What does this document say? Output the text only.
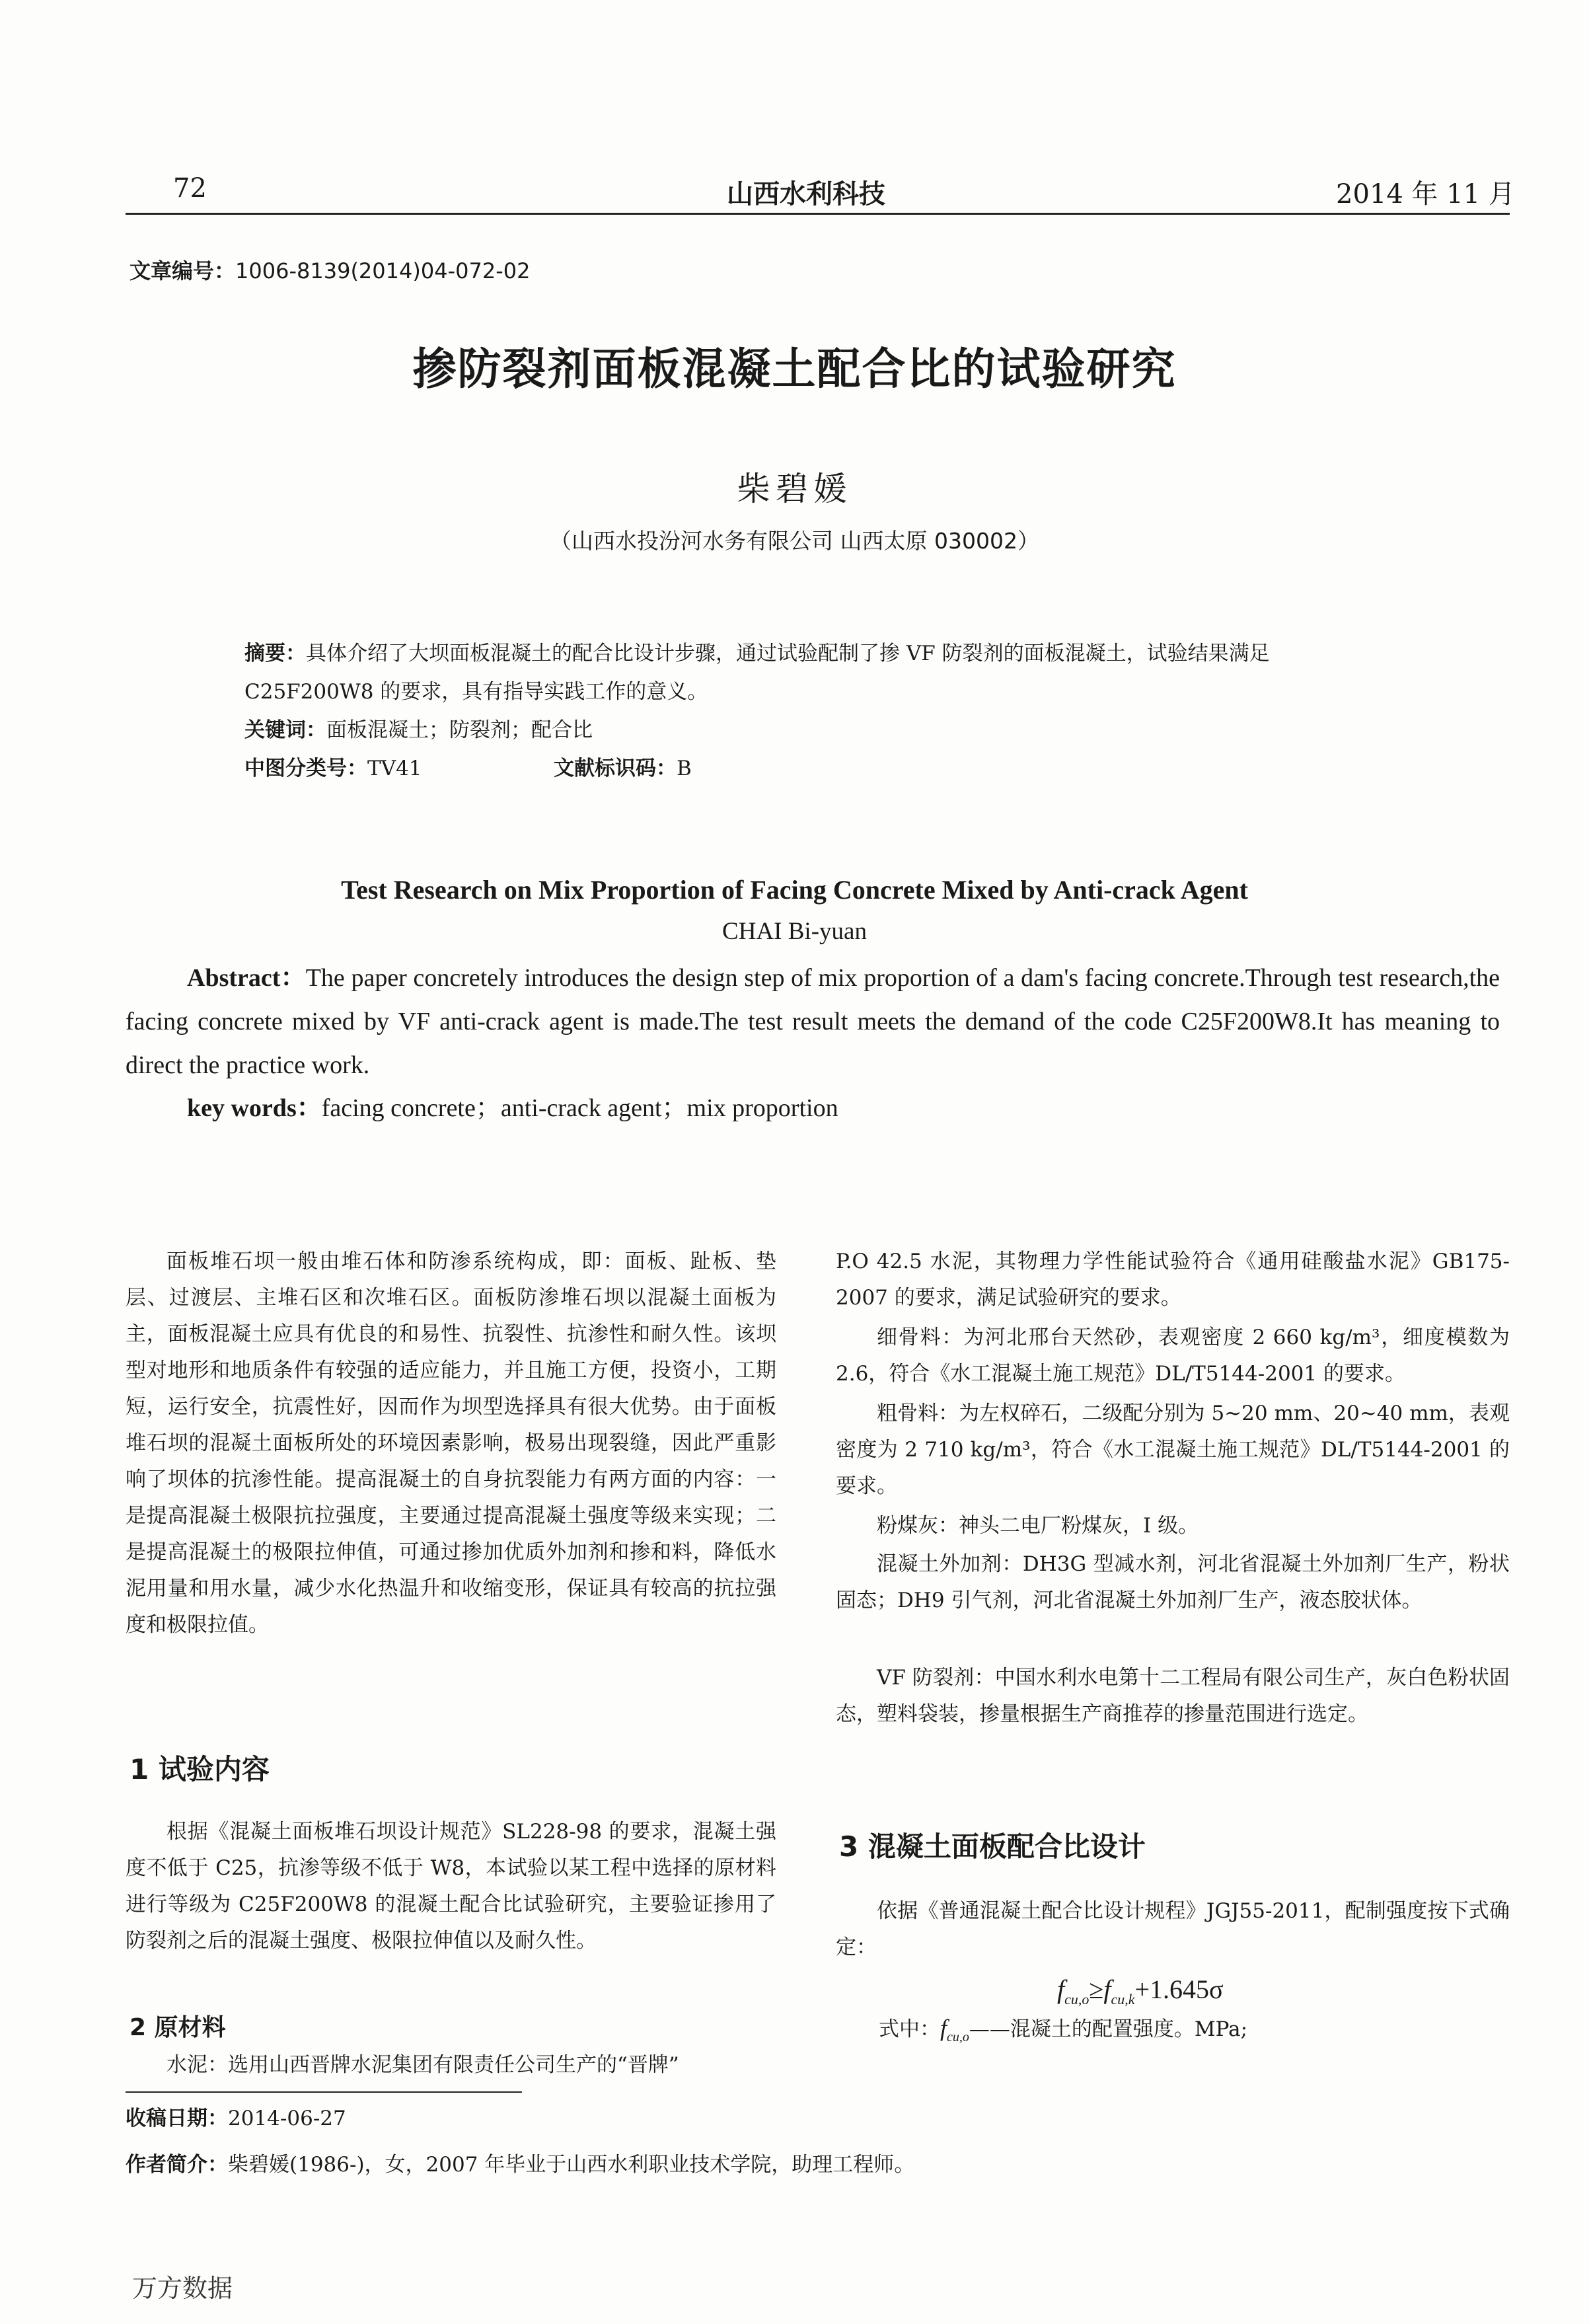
72	山西水利科技	2014 年 11 月
文章编号：1006-8139(2014)04-072-02
掺防裂剂面板混凝土配合比的试验研究
柴碧媛
（山西水投汾河水务有限公司 山西太原 030002）
摘要：具体介绍了大坝面板混凝土的配合比设计步骤，通过试验配制了掺 VF 防裂剂的面板混凝土，试验结果满足
C25F200W8 的要求，具有指导实践工作的意义。
关键词：面板混凝土；防裂剂；配合比
中图分类号：TV41	文献标识码：B
Test Research on Mix Proportion of Facing Concrete Mixed by Anti-crack Agent
CHAI Bi-yuan
Abstract：The paper concretely introduces the design step of mix proportion of a dam's facing concrete.Through test research,the facing concrete mixed by VF anti-crack agent is made.The test result meets the demand of the code C25F200W8.It has meaning to direct the practice work.
key words：facing concrete；anti-crack agent；mix proportion

面板堆石坝一般由堆石体和防渗系统构成，即：面板、趾板、垫层、过渡层、主堆石区和次堆石区。面板防渗堆石坝以混凝土面板为主，面板混凝土应具有优良的和易性、抗裂性、抗渗性和耐久性。该坝型对地形和地质条件有较强的适应能力，并且施工方便，投资小，工期短，运行安全，抗震性好，因而作为坝型选择具有很大优势。由于面板堆石坝的混凝土面板所处的环境因素影响，极易出现裂缝，因此严重影响了坝体的抗渗性能。提高混凝土的自身抗裂能力有两方面的内容：一是提高混凝土极限抗拉强度，主要通过提高混凝土强度等级来实现；二是提高混凝土的极限拉伸值，可通过掺加优质外加剂和掺和料，降低水泥用量和用水量，减少水化热温升和收缩变形，保证具有较高的抗拉强度和极限拉值。

1 试验内容

根据《混凝土面板堆石坝设计规范》SL228-98 的要求，混凝土强度不低于 C25，抗渗等级不低于 W8，本试验以某工程中选择的原材料进行等级为 C25F200W8 的混凝土配合比试验研究，主要验证掺用了防裂剂之后的混凝土强度、极限拉伸值以及耐久性。

2 原材料

水泥：选用山西晋牌水泥集团有限责任公司生产的“晋牌”

P.O 42.5 水泥，其物理力学性能试验符合《通用硅酸盐水泥》GB175-2007 的要求，满足试验研究的要求。

细骨料：为河北邢台天然砂，表观密度 2 660 kg/m³，细度模数为 2.6，符合《水工混凝土施工规范》DL/T5144-2001 的要求。

粗骨料：为左权碎石，二级配分别为 5~20 mm、20~40 mm，表观密度为 2 710 kg/m³，符合《水工混凝土施工规范》DL/T5144-2001 的要求。

粉煤灰：神头二电厂粉煤灰，I 级。

混凝土外加剂：DH3G 型减水剂，河北省混凝土外加剂厂生产，粉状固态；DH9 引气剂，河北省混凝土外加剂厂生产，液态胶状体。

VF 防裂剂：中国水利水电第十二工程局有限公司生产，灰白色粉状固态，塑料袋装，掺量根据生产商推荐的掺量范围进行选定。

3 混凝土面板配合比设计

依据《普通混凝土配合比设计规程》JGJ55-2011，配制强度按下式确定：

$f_{cu,o}\ge f_{cu,k}+1.645\sigma$
式中：$f_{cu,o}——$混凝土的配置强度。MPa;
收稿日期：2014-06-27
作者简介：柴碧媛(1986-)，女，2007 年毕业于山西水利职业技术学院，助理工程师。
万方数据
